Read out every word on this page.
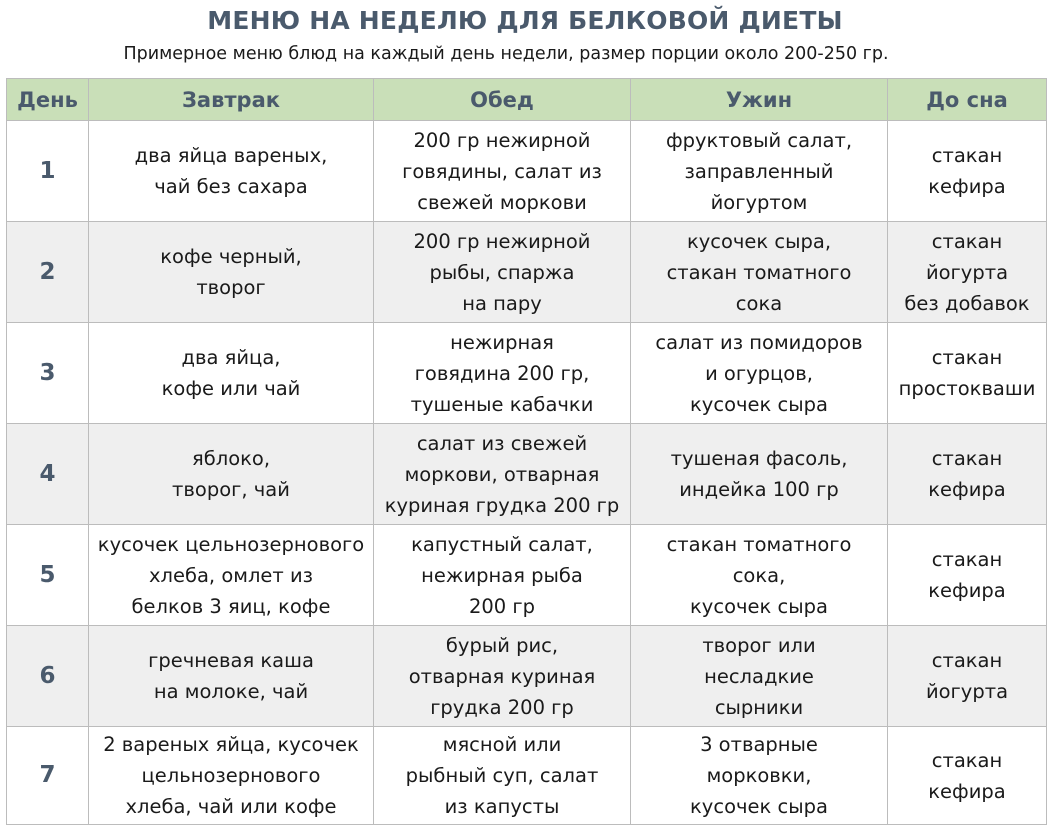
МЕНЮ НА НЕДЕЛЮ ДЛЯ БЕЛКОВОЙ ДИЕТЫ
Примерное меню блюд на каждый день недели, размер порции около 200-250 гр.
День	Завтрак	Обед	Ужин	До сна
1	два яйца вареных,
чай без сахара	200 гр нежирной
говядины, салат из
свежей моркови	фруктовый салат,
заправленный
йогуртом	стакан
кефира
2	кофе черный,
творог	200 гр нежирной
рыбы, спаржа
на пару	кусочек сыра,
стакан томатного
сока	стакан
йогурта
без добавок
3	два яйца,
кофе или чай	нежирная
говядина 200 гр,
тушеные кабачки	салат из помидоров
и огурцов,
кусочек сыра	стакан
простокваши
4	яблоко,
творог, чай	салат из свежей
моркови, отварная
куриная грудка 200 гр	тушеная фасоль,
индейка 100 гр	стакан
кефира
5	кусочек цельнозернового
хлеба, омлет из
белков 3 яиц, кофе	капустный салат,
нежирная рыба
200 гр	стакан томатного
сока,
кусочек сыра	стакан
кефира
6	гречневая каша
на молоке, чай	бурый рис,
отварная куриная
грудка 200 гр	творог или
несладкие
сырники	стакан
йогурта
7	2 вареных яйца, кусочек
цельнозернового
хлеба, чай или кофе	мясной или
рыбный суп, салат
из капусты	3 отварные
морковки,
кусочек сыра	стакан
кефира
